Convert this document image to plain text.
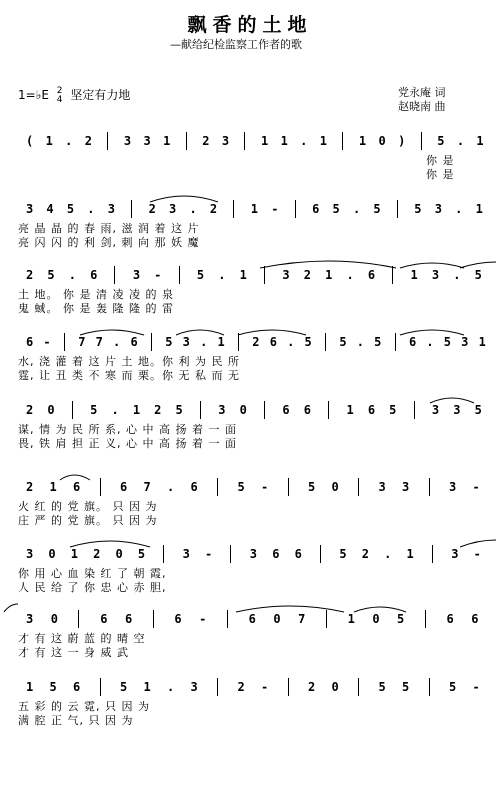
飘香的土地
—献给纪检监察工作者的歌
1=♭E 2
4 坚定有力地	党永庵 词
赵晓南 曲
( 1 . 2	3 3 1	2 3	1 1 . 1	1 0 )	5 . 1
你 是
你 是
3 4 5 . 3	2 3 . 2	1 -	6 5 . 5	5 3 . 1
亮 晶 晶 的 春 雨, 滋 润 着 这 片
亮 闪 闪 的 利 剑, 刺 向 那 妖 魔
2 5 . 6	3 -	5 . 1	3 2 1 . 6	1 3 . 5
土 地。 你 是 清 凌 凌 的 泉
鬼 蜮。 你 是 轰 隆 隆 的 雷
6 - 7 7 . 6 5 3 . 1 2 6 . 5 5 . 5 6 . 5 3 1
水, 浇 灌 着 这 片 土 地。你 利 为 民 所
霆, 让 丑 类 不 寒 而 栗。你 无 私 而 无
2 0	5 . 1 2 5	3 0	6 6	1 6 5	3 3 5
谋, 情 为 民 所 系, 心 中 高 扬 着 一 面
畏, 铁 肩 担 正 义, 心 中 高 扬 着 一 面
2 1 6	6 7 . 6	5 -	5 0	3 3	3 -
火 红 的 党 旗。 只 因 为
庄 严 的 党 旗。 只 因 为
3 0 1 2 0 5	3 -	3 6 6	5 2 . 1	3 -
你 用 心 血 染 红 了 朝 霞,
人 民 给 了 你 忠 心 赤 胆,
3 0	6 6	6 -	6 0 7	1 0 5	6 6
才 有 这 蔚 蓝 的 晴 空
才 有 这 一 身 威 武
1 5 6	5 1 . 3	2 -	2 0	5 5	5 -
五 彩 的 云 霓, 只 因 为
满 腔 正 气, 只 因 为
